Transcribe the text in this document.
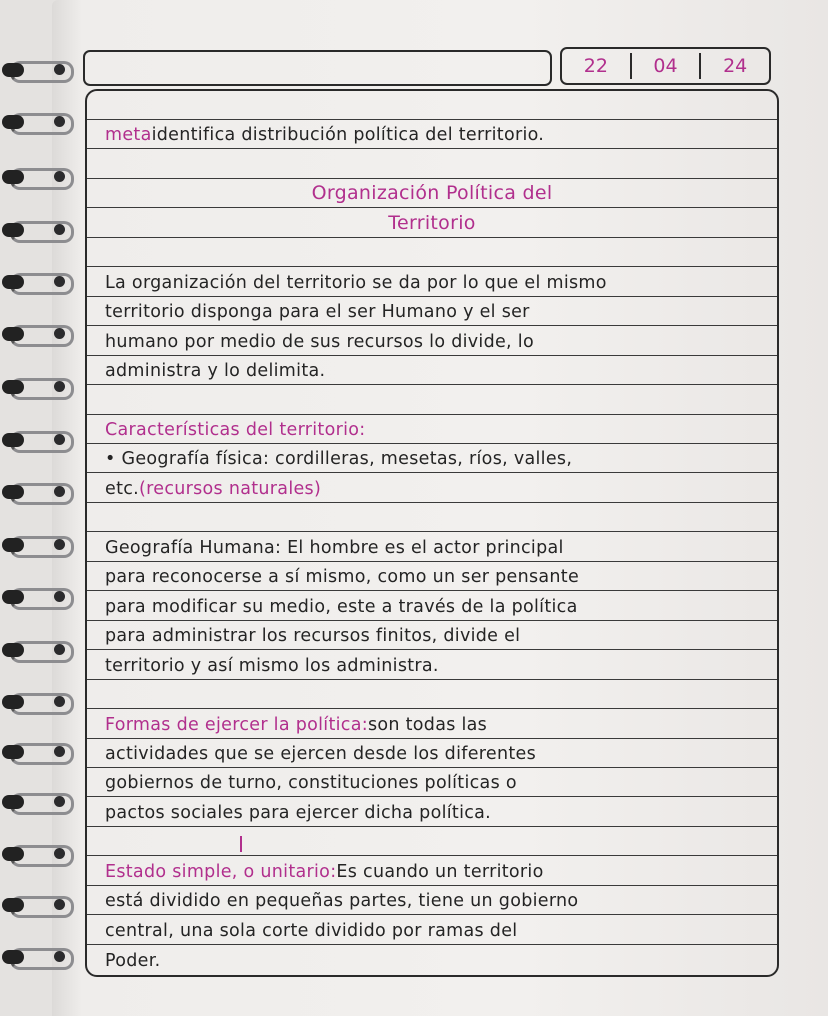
22	04	24
meta identifica distribución política del territorio.
Organización Política del
Territorio
La organización del territorio se da por lo que el mismo
territorio disponga para el ser Humano y el ser
humano por medio de sus recursos lo divide, lo
administra y lo delimita.
Características del territorio:
• Geografía física: cordilleras, mesetas, ríos, valles,
etc. (recursos naturales)
Geografía Humana: El hombre es el actor principal
para reconocerse a sí mismo, como un ser pensante
para modificar su medio, este a través de la política
para administrar los recursos finitos, divide el
territorio y así mismo los administra.
Formas de ejercer la política: son todas las
actividades que se ejercen desde los diferentes
gobiernos de turno, constituciones políticas o
pactos sociales para ejercer dicha política.
Estado simple, o unitario: Es cuando un territorio
está dividido en pequeñas partes, tiene un gobierno
central, una sola corte dividido por ramas del
Poder.
